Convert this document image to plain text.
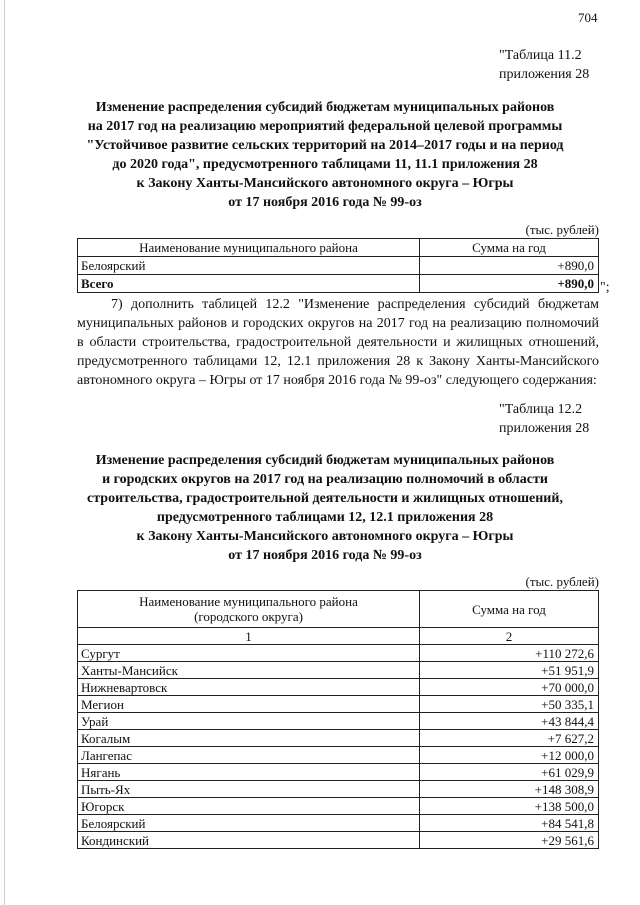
704
"Таблица 11.2
приложения 28
Изменение распределения субсидий бюджетам муниципальных районов
на 2017 год на реализацию мероприятий федеральной целевой программы
"Устойчивое развитие сельских территорий на 2014–2017 годы и на период
до 2020 года", предусмотренного таблицами 11, 11.1 приложения 28
к Закону Ханты-Мансийского автономного округа – Югры
от 17 ноября 2016 года № 99-оз
(тыс. рублей)
Наименование муниципального района	Сумма на год
Белоярский	+890,0
Всего	+890,0 ";
7) дополнить таблицей 12.2 "Изменение распределения субсидий бюджетам муниципальных районов и городских округов на 2017 год на реализацию полномочий в области строительства, градостроительной деятельности и жилищных отношений, предусмотренного таблицами 12, 12.1 приложения 28 к Закону Ханты-Мансийского автономного округа – Югры от 17 ноября 2016 года № 99-оз" следующего содержания:
"Таблица 12.2
приложения 28
Изменение распределения субсидий бюджетам муниципальных районов
и городских округов на 2017 год на реализацию полномочий в области
строительства, градостроительной деятельности и жилищных отношений,
предусмотренного таблицами 12, 12.1 приложения 28
к Закону Ханты-Мансийского автономного округа – Югры
от 17 ноября 2016 года № 99-оз
(тыс. рублей)
Наименование муниципального района
(городского округа)	Сумма на год
1	2
Сургут	+110 272,6
Ханты-Мансийск	+51 951,9
Нижневартовск	+70 000,0
Мегион	+50 335,1
Урай	+43 844,4
Когалым	+7 627,2
Лангепас	+12 000,0
Нягань	+61 029,9
Пыть-Ях	+148 308,9
Югорск	+138 500,0
Белоярский	+84 541,8
Кондинский	+29 561,6
